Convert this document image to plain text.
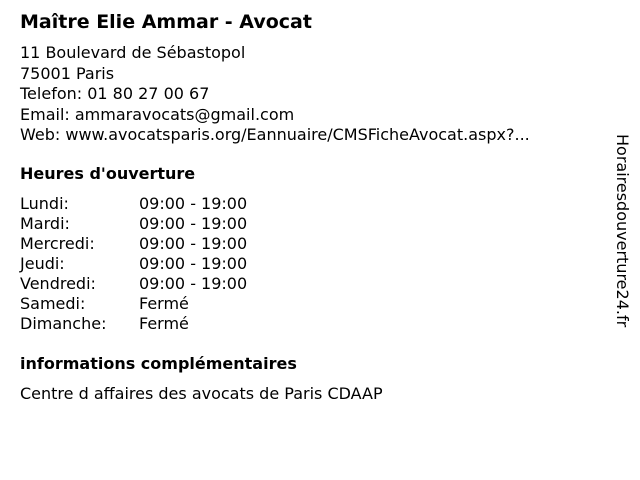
Maître Elie Ammar - Avocat
11 Boulevard de Sébastopol
75001 Paris
Telefon: 01 80 27 00 67
Email: ammaravocats@gmail.com
Web: www.avocatsparis.org/Eannuaire/CMSFicheAvocat.aspx?...
Heures d'ouverture
Lundi:	09:00 - 19:00
Mardi:	09:00 - 19:00
Mercredi:	09:00 - 19:00
Jeudi:	09:00 - 19:00
Vendredi:	09:00 - 19:00
Samedi:	Fermé
Dimanche: Fermé
informations complémentaires
Centre d affaires des avocats de Paris CDAAP
Horairesdouverture24.fr
